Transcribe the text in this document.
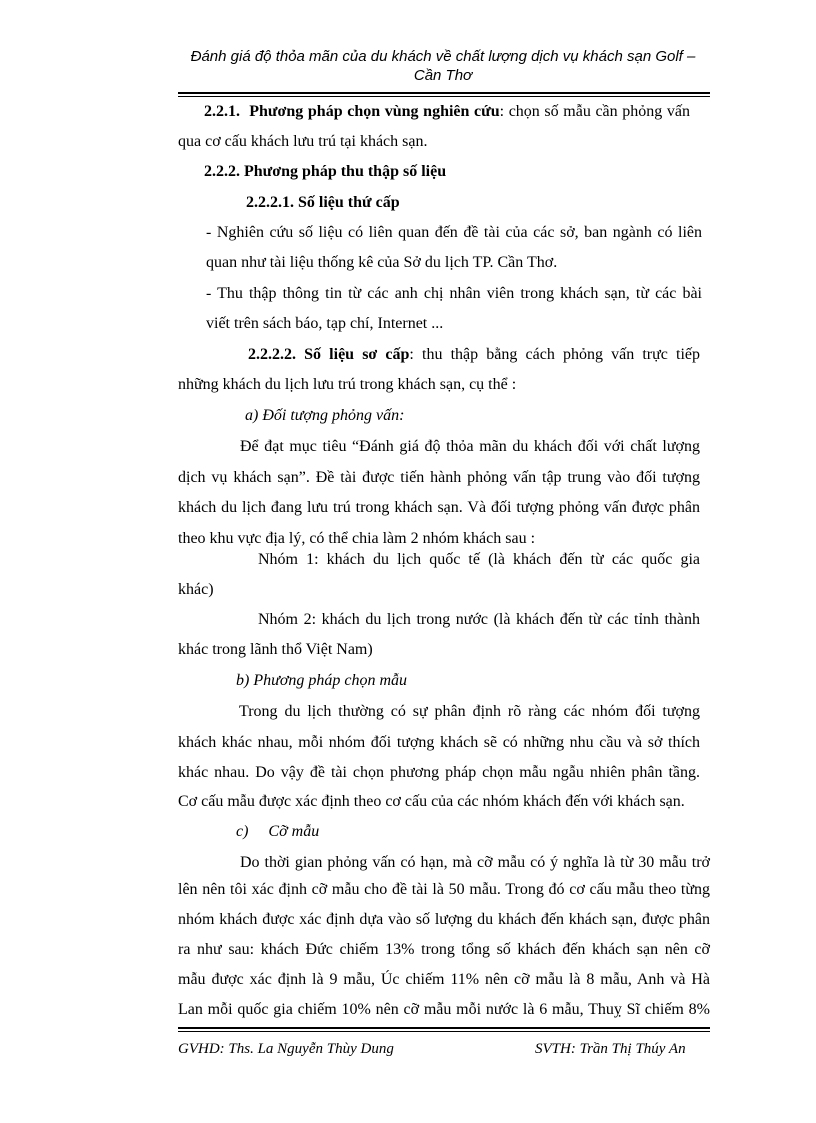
Đánh giá độ thỏa mãn của du khách về chất lượng dịch vụ khách sạn Golf –
Cần Thơ
2.2.1. Phương pháp chọn vùng nghiên cứu: chọn số mẫu cần phỏng vấn
qua cơ cấu khách lưu trú tại khách sạn.
2.2.2. Phương pháp thu thập số liệu
2.2.2.1. Số liệu thứ cấp
- Nghiên cứu số liệu có liên quan đến đề tài của các sở, ban ngành có liên
quan như tài liệu thống kê của Sở du lịch TP. Cần Thơ.
- Thu thập thông tin từ các anh chị nhân viên trong khách sạn, từ các bài
viết trên sách báo, tạp chí, Internet ...
2.2.2.2. Số liệu sơ cấp: thu thập bằng cách phỏng vấn trực tiếp
những khách du lịch lưu trú trong khách sạn, cụ thể :
a) Đối tượng phỏng vấn:
Để đạt mục tiêu “Đánh giá độ thỏa mãn du khách đối với chất lượng
dịch vụ khách sạn”. Đề tài được tiến hành phỏng vấn tập trung vào đối tượng
khách du lịch đang lưu trú trong khách sạn. Và đối tượng phỏng vấn được phân
theo khu vực địa lý, có thể chia làm 2 nhóm khách sau :
Nhóm 1: khách du lịch quốc tế (là khách đến từ các quốc gia
khác)
Nhóm 2: khách du lịch trong nước (là khách đến từ các tỉnh thành
khác trong lãnh thổ Việt Nam)
b) Phương pháp chọn mẫu
Trong du lịch thường có sự phân định rõ ràng các nhóm đối tượng
khách khác nhau, mỗi nhóm đối tượng khách sẽ có những nhu cầu và sở thích
khác nhau. Do vậy đề tài chọn phương pháp chọn mẫu ngẫu nhiên phân tầng.
Cơ cấu mẫu được xác định theo cơ cấu của các nhóm khách đến với khách sạn.
c)     Cỡ mẫu
Do thời gian phỏng vấn có hạn, mà cỡ mẫu có ý nghĩa là từ 30 mẫu trở
lên nên tôi xác định cỡ mẫu cho đề tài là 50 mẫu. Trong đó cơ cấu mẫu theo từng
nhóm khách được xác định dựa vào số lượng du khách đến khách sạn, được phân
ra như sau: khách Đức chiếm 13% trong tổng số khách đến khách sạn nên cỡ
mẫu được xác định là 9 mẫu, Úc chiếm 11% nên cỡ mẫu là 8 mẫu, Anh và Hà
Lan mỗi quốc gia chiếm 10% nên cỡ mẫu mỗi nước là 6 mẫu, Thuỵ Sĩ chiếm 8%
GVHD: Ths. La Nguyễn Thùy Dung	SVTH: Trần Thị Thúy An
